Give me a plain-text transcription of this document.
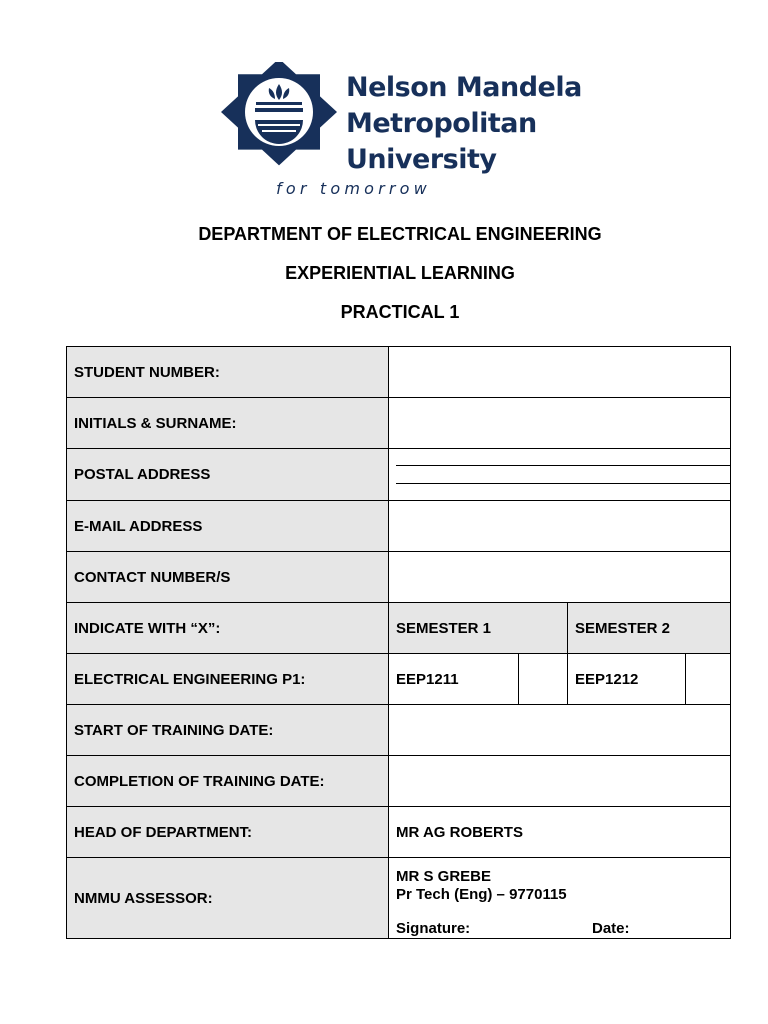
Nelson Mandela
Metropolitan
University
for tomorrow
DEPARTMENT OF ELECTRICAL ENGINEERING
EXPERIENTIAL LEARNING
PRACTICAL 1
STUDENT NUMBER:				
INITIALS & SURNAME:				
POSTAL ADDRESS				

E-MAIL ADDRESS				
CONTACT NUMBER/S				
INDICATE WITH “X”:	SEMESTER 1		SEMESTER 2	
ELECTRICAL ENGINEERING P1:	EEP1211		EEP1212	
START OF TRAINING DATE:				
COMPLETION OF TRAINING DATE:				
HEAD OF DEPARTMENT:	MR AG ROBERTS			
NMMU ASSESSOR:	MR S GREBE
Pr Tech (Eng) – 9770115
Signature: Date:			
